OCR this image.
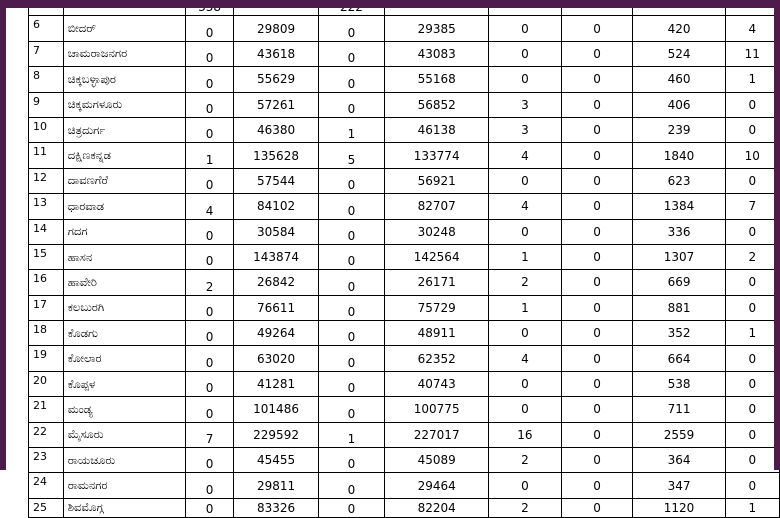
6	ಬೀದರ್	0	29809	0	29385	0	0	420	4
7	ಚಾಮರಾಜನಗರ	0	43618	0	43083	0	0	524	11
8	ಚಿಕ್ಕಬಳ್ಳಾಪುರ	0	55629	0	55168	0	0	460	1
9	ಚಿಕ್ಕಮಗಳೂರು	0	57261	0	56852	3	0	406	0
10	ಚಿತ್ರದುರ್ಗ	0	46380	1	46138	3	0	239	0
11	ದಕ್ಷಿಣಕನ್ನಡ	1	135628	5	133774	4	0	1840	10
12	ದಾವಣಗೆರೆ	0	57544	0	56921	0	0	623	0
13	ಧಾರವಾಡ	4	84102	0	82707	4	0	1384	7
14	ಗದಗ	0	30584	0	30248	0	0	336	0
15	ಹಾಸನ	0	143874	0	142564	1	0	1307	2
16	ಹಾವೇರಿ	2	26842	0	26171	2	0	669	0
17	ಕಲಬುರಗಿ	0	76611	0	75729	1	0	881	0
18	ಕೊಡಗು	0	49264	0	48911	0	0	352	1
19	ಕೋಲಾರ	0	63020	0	62352	4	0	664	0
20	ಕೊಪ್ಪಳ	0	41281	0	40743	0	0	538	0
21	ಮಂಡ್ಯ	0	101486	0	100775	0	0	711	0
22	ಮೈಸೂರು	7	229592	1	227017	16	0	2559	0
23	ರಾಯಚೂರು	0	45455	0	45089	2	0	364	0
24	ರಾಮನಗರ	0	29811	0	29464	0	0	347	0
25	ಶಿವಮೊಗ್ಗ	0	83326	0	82204	2	0	1120	1
